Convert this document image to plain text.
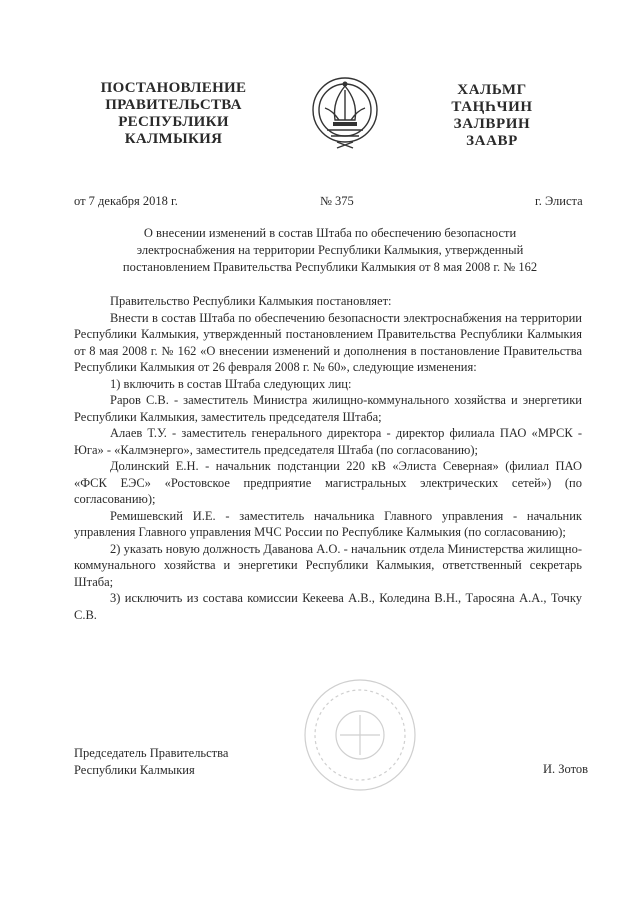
ПОСТАНОВЛЕНИЕ
ПРАВИТЕЛЬСТВА
РЕСПУБЛИКИ
КАЛМЫКИЯ
ХАЛЬМГ
ТАҢҺЧИН
ЗАЛВРИН
ЗААВР
от 7 декабря 2018 г.	№ 375	г. Элиста
О внесении изменений в состав Штаба по обеспечению безопасности
электроснабжения на территории Республики Калмыкия, утвержденный
постановлением Правительства Республики Калмыкия от 8 мая 2008 г. № 162

Правительство Республики Калмыкия постановляет:

Внести в состав Штаба по обеспечению безопасности электроснабжения на территории Республики Калмыкия, утвержденный постановлением Правительства Республики Калмыкия от 8 мая 2008 г. № 162 «О внесении изменений и дополнения в постановление Правительства Республики Калмыкия от 26 февраля 2008 г. № 60», следующие изменения:

1) включить в состав Штаба следующих лиц:

Раров С.В. - заместитель Министра жилищно-коммунального хозяйства и энергетики Республики Калмыкия, заместитель председателя Штаба;

Алаев Т.У. - заместитель генерального директора - директор филиала ПАО «МРСК - Юга» - «Калмэнерго», заместитель председателя Штаба (по согласованию);

Долинский Е.Н. - начальник подстанции 220 кВ «Элиста Северная» (филиал ПАО «ФСК ЕЭС» «Ростовское предприятие магистральных электрических сетей») (по согласованию);

Ремишевский И.Е. - заместитель начальника Главного управления - начальник управления Главного управления МЧС России по Республике Калмыкия (по согласованию);

2) указать новую должность Даванова А.О. - начальник отдела Министерства жилищно-коммунального хозяйства и энергетики Республики Калмыкия, ответственный секретарь Штаба;

3) исключить из состава комиссии Кекеева А.В., Коледина В.Н., Таросяна А.А., Точку С.В.

Председатель Правительства
Республики Калмыкия	И. Зотов
